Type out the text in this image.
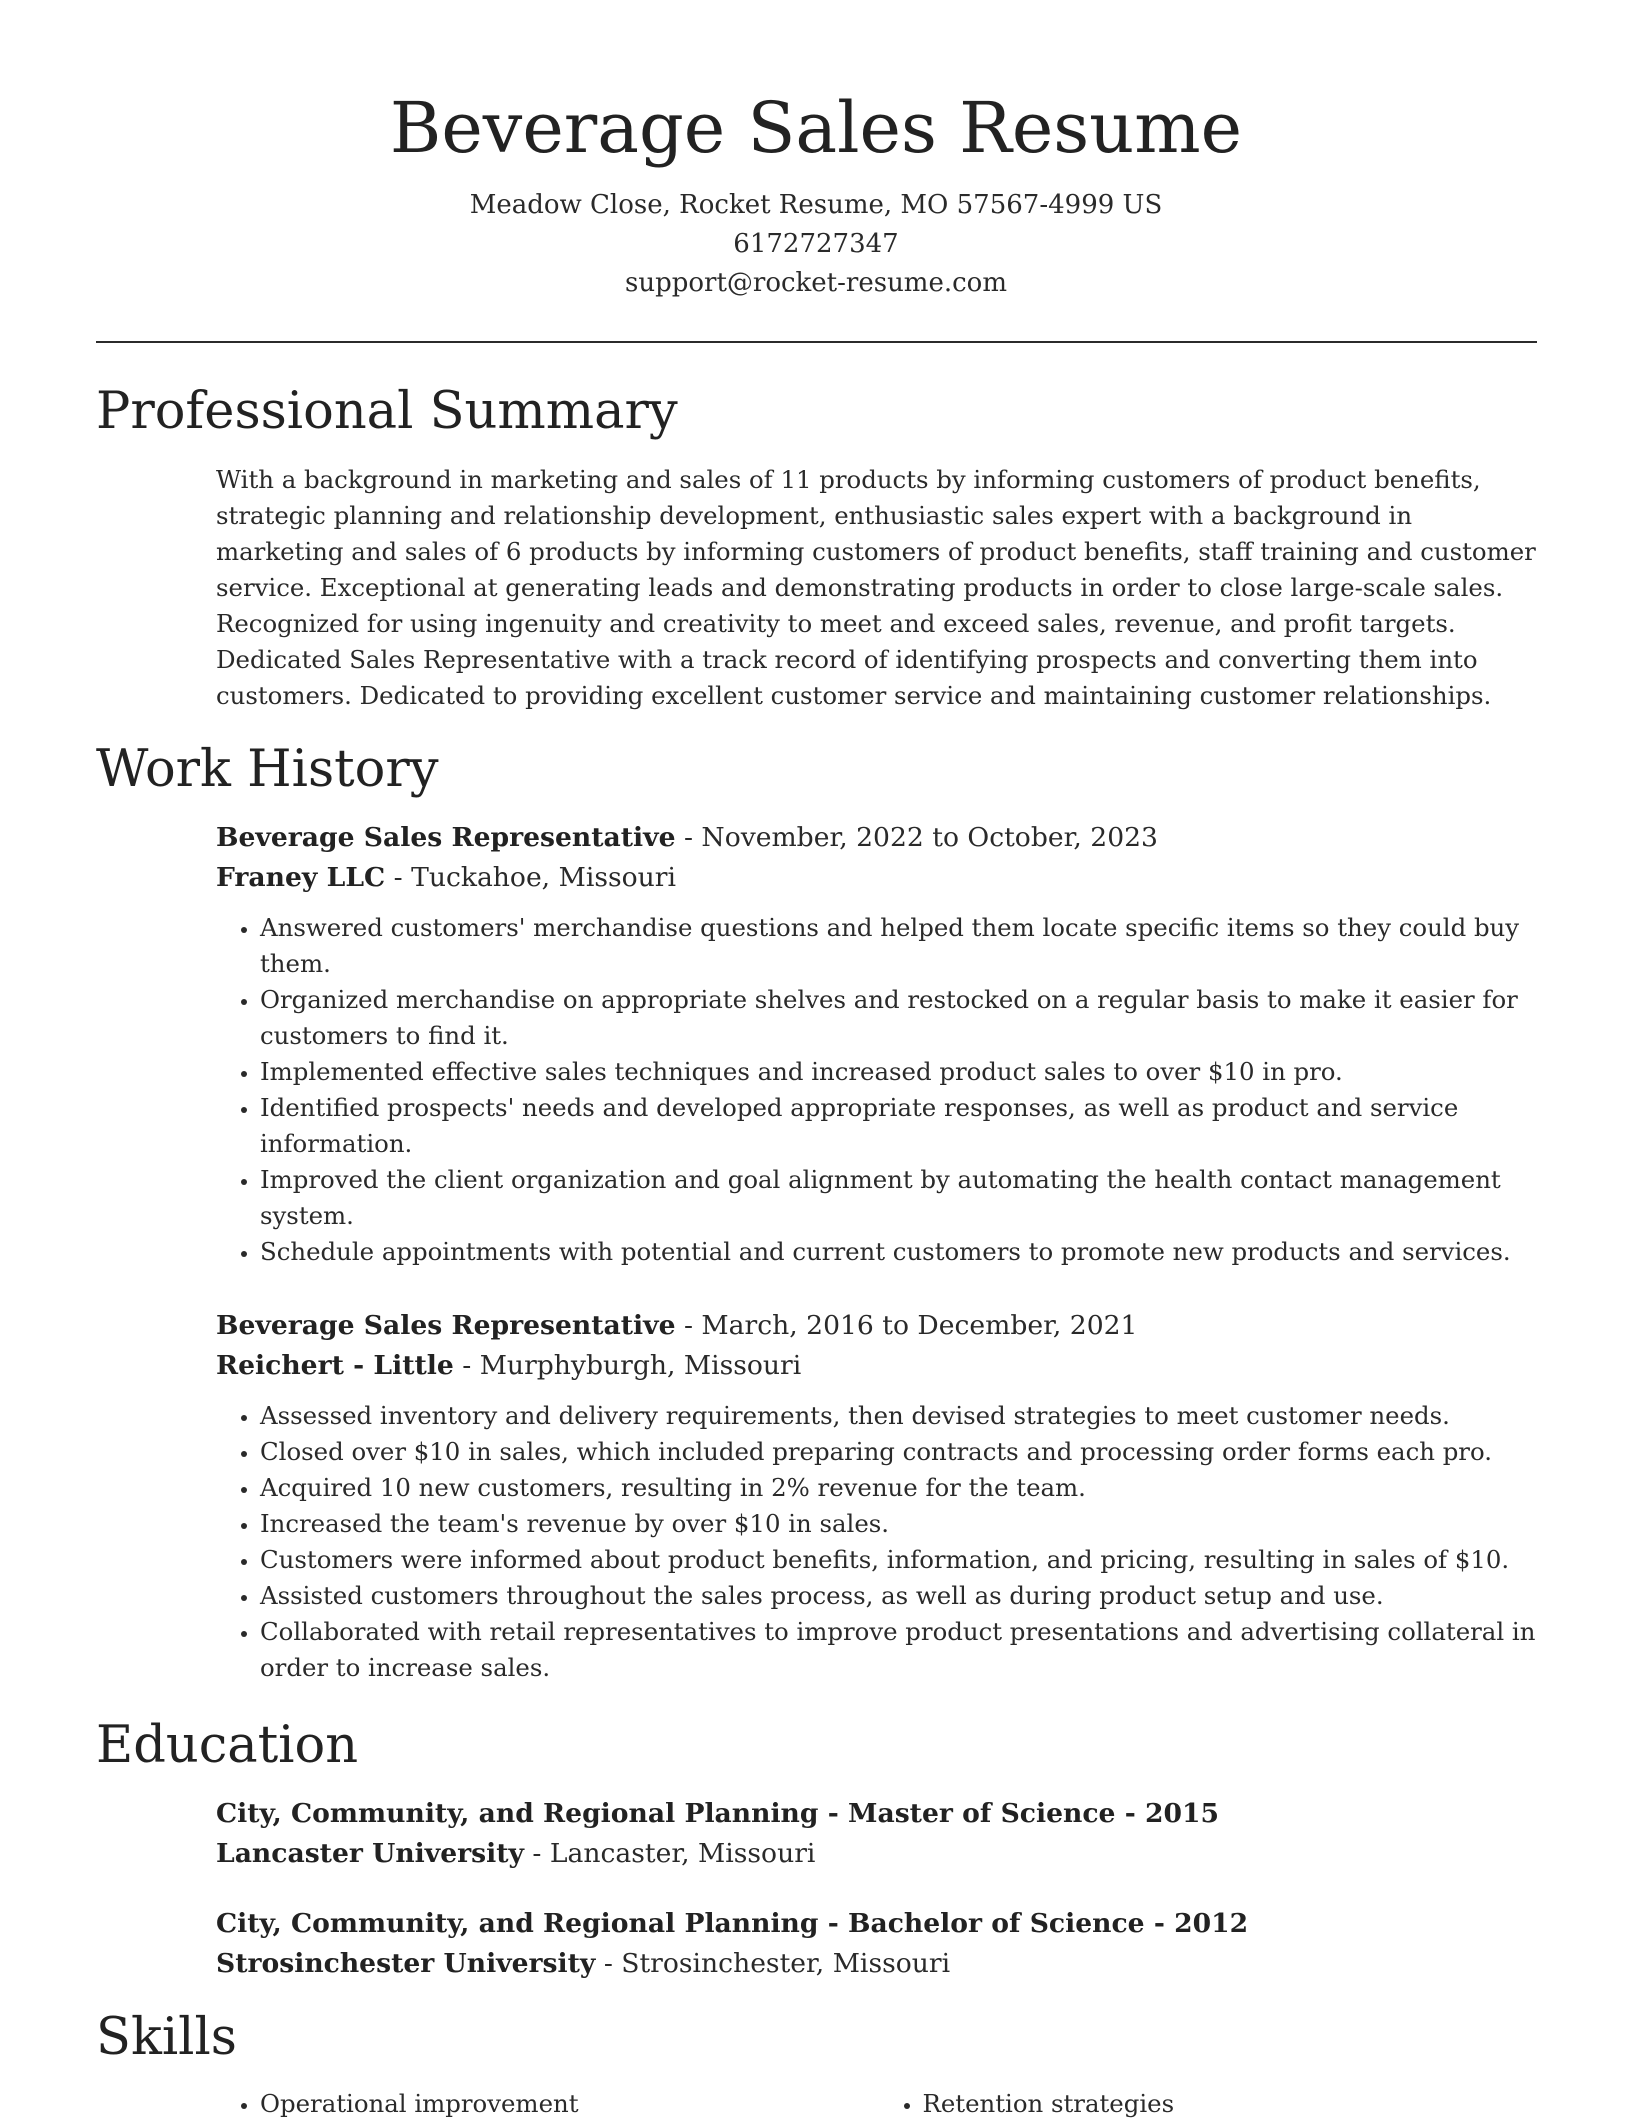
Beverage Sales Resume
Meadow Close, Rocket Resume, MO 57567-4999 US
6172727347
support@rocket-resume.com
Professional Summary

With a background in marketing and sales of 11 products by informing customers of product benefits, strategic planning and relationship development, enthusiastic sales expert with a background in marketing and sales of 6 products by informing customers of product benefits, staff training and customer service. Exceptional at generating leads and demonstrating products in order to close large-scale sales. Recognized for using ingenuity and creativity to meet and exceed sales, revenue, and profit targets. Dedicated Sales Representative with a track record of identifying prospects and converting them into customers. Dedicated to providing excellent customer service and maintaining customer relationships.

Work History
Beverage Sales Representative - November, 2022 to October, 2023
Franey LLC - Tuckahoe, Missouri
• Answered customers' merchandise questions and helped them locate specific items so they could buy them.
• Organized merchandise on appropriate shelves and restocked on a regular basis to make it easier for customers to find it.
• Implemented effective sales techniques and increased product sales to over $10 in pro.
• Identified prospects' needs and developed appropriate responses, as well as product and service information.
• Improved the client organization and goal alignment by automating the health contact management system.
• Schedule appointments with potential and current customers to promote new products and services.
Beverage Sales Representative - March, 2016 to December, 2021
Reichert - Little - Murphyburgh, Missouri
• Assessed inventory and delivery requirements, then devised strategies to meet customer needs.
• Closed over $10 in sales, which included preparing contracts and processing order forms each pro.
• Acquired 10 new customers, resulting in 2% revenue for the team.
• Increased the team's revenue by over $10 in sales.
• Customers were informed about product benefits, information, and pricing, resulting in sales of $10.
• Assisted customers throughout the sales process, as well as during product setup and use.
• Collaborated with retail representatives to improve product presentations and advertising collateral in order to increase sales.
Education
City, Community, and Regional Planning - Master of Science - 2015
Lancaster University - Lancaster, Missouri
City, Community, and Regional Planning - Bachelor of Science - 2012
Strosinchester University - Strosinchester, Missouri
Skills
• Operational improvement
•	Retention strategies
